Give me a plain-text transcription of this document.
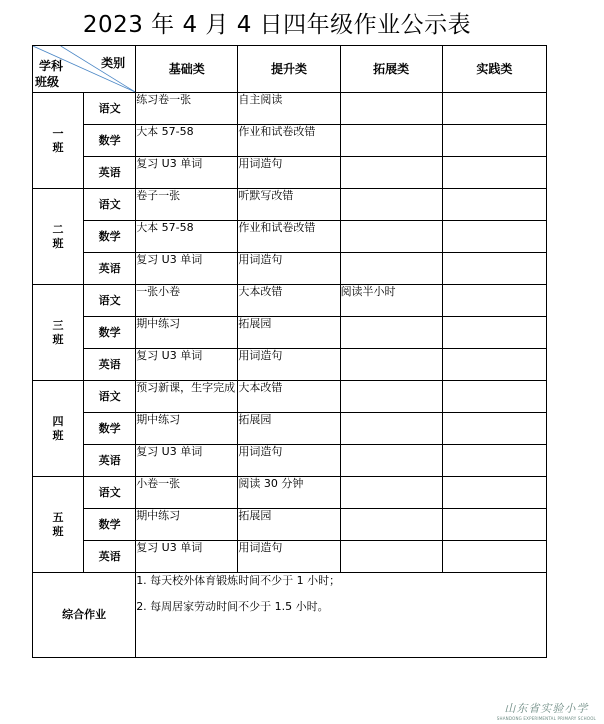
2023 年 4 月 4 日四年级作业公示表
类别
学科
班级		基础类	提升类	拓展类	实践类

一
班	语文	练习卷一张	自主阅读		
	数学	大本 57-58	作业和试卷改错		
	英语	复习 U3 单词	用词造句		

二
班	语文	卷子一张	听默写改错		
	数学	大本 57-58	作业和试卷改错		
	英语	复习 U3 单词	用词造句		

三
班	语文	一张小卷	大本改错	阅读半小时	
	数学	期中练习	拓展园		
	英语	复习 U3 单词	用词造句		

四
班	语文	预习新课，生字完成	大本改错		
	数学	期中练习	拓展园		
	英语	复习 U3 单词	用词造句		

五
班	语文	小卷一张	阅读 30 分钟		
	数学	期中练习	拓展园		
	英语	复习 U3 单词	用词造句		
综合作业		1. 每天校外体育锻炼时间不少于 1 小时；
2. 每周居家劳动时间不少于 1.5 小时。			
山东省实验小学
SHANDONG EXPERIMENTAL PRIMARY SCHOOL
